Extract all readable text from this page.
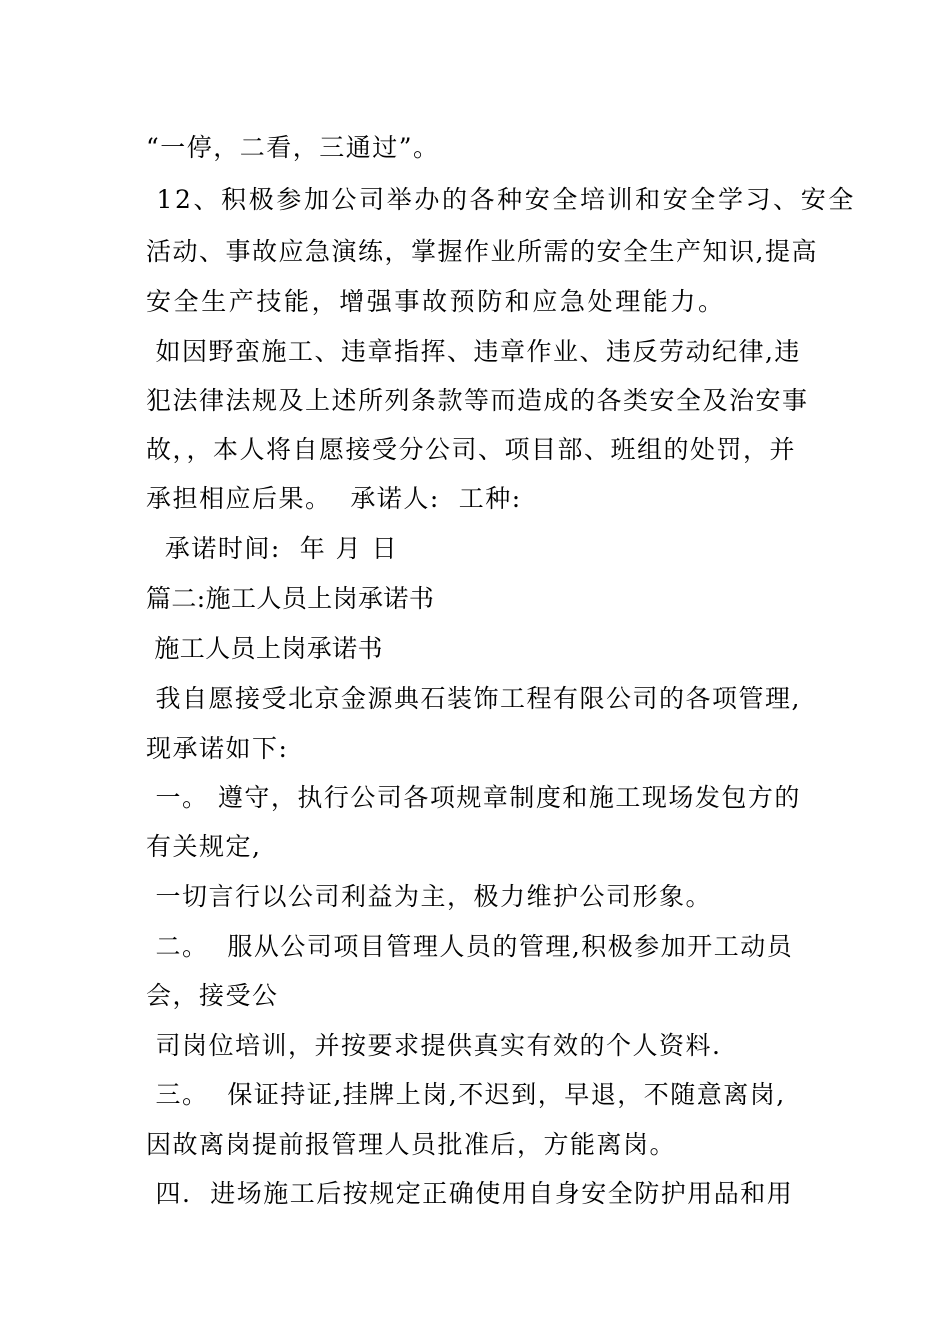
“一停，二看，三通过”。
12、积极参加公司举办的各种安全培训和安全学习、安全
活动、事故应急演练，掌握作业所需的安全生产知识,提高
安全生产技能，增强事故预防和应急处理能力。
如因野蛮施工、违章指挥、违章作业、违反劳动纪律,违
犯法律法规及上述所列条款等而造成的各类安全及治安事
故，，本人将自愿接受分公司、项目部、班组的处罚，并
承担相应后果。  承诺人:  工种:
承诺时间:  年 月 日
篇二:施工人员上岗承诺书
施工人员上岗承诺书
我自愿接受北京金源典石装饰工程有限公司的各项管理,
现承诺如下:
一。 遵守，执行公司各项规章制度和施工现场发包方的
有关规定,
一切言行以公司利益为主，极力维护公司形象。
二。  服从公司项目管理人员的管理,积极参加开工动员
会，接受公
司岗位培训，并按要求提供真实有效的个人资料.
三。  保证持证,挂牌上岗,不迟到，早退，不随意离岗,
因故离岗提前报管理人员批准后，方能离岗。
四.  进场施工后按规定正确使用自身安全防护用品和用
